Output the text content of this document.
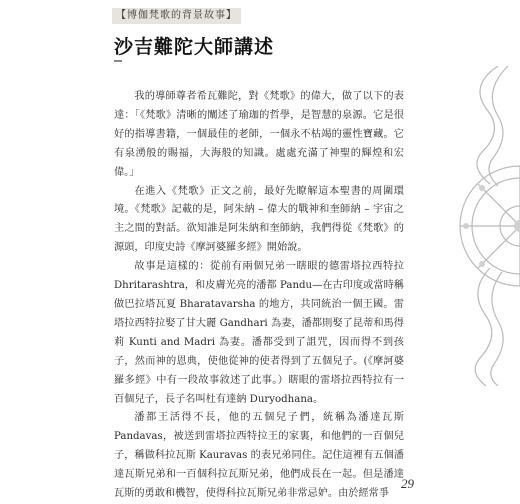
【博伽梵歌的背景故事】
沙吉難陀大師講述

我的導師尊者希瓦難陀，對《梵歌》的偉大，做了以下的表達：「《梵歌》清晰的闡述了瑜珈的哲學，是智慧的泉源。它是很好的指導書籍，一個最佳的老師，一個永不枯竭的靈性寶藏。它有泉湧般的賜福，大海般的知識。處處充滿了神聖的輝煌和宏偉。」

在進入《梵歌》正文之前，最好先瞭解這本聖書的周圍環境。《梵歌》記載的是，阿朱納 – 偉大的戰神和奎師納 – 宇宙之主之間的對話。欲知誰是阿朱納和奎師納，我們得從《梵歌》的源頭，印度史詩《摩訶婆羅多經》開始說。

故事是這樣的：從前有兩個兄弟一瞎眼的德雷塔拉西特拉 Dhritarashtra，和皮膚光亮的潘都 Pandu—在古印度或當時稱做巴拉塔瓦夏 Bharatavarsha 的地方，共同統治一個王國。雷塔拉西特拉娶了甘大麗 Gandhari 為妻，潘都則娶了昆蒂和馬得莉 Kunti and Madri 為妻。潘都受到了詛咒，因而得不到孩子，然而神的恩典，使他從神的使者得到了五個兒子。(《摩訶婆羅多經》中有一段故事敘述了此事。）瞎眼的雷塔拉西特拉有一百個兒子，長子名叫杜有達納 Duryodhana。

潘都王活得不長，他的五個兒子們，統稱為潘達瓦斯 Pandavas，被送到雷塔拉西特拉王的家裏，和他們的一百個兒子，稱做科拉瓦斯 Kauravas 的表兄弟同住。記住這裡有五個潘達瓦斯兄弟和一百個科拉瓦斯兄弟，他們成長在一起。但是潘達瓦斯的勇敢和機智，使得科拉瓦斯兄弟非常忌妒。由於經常爭

29
